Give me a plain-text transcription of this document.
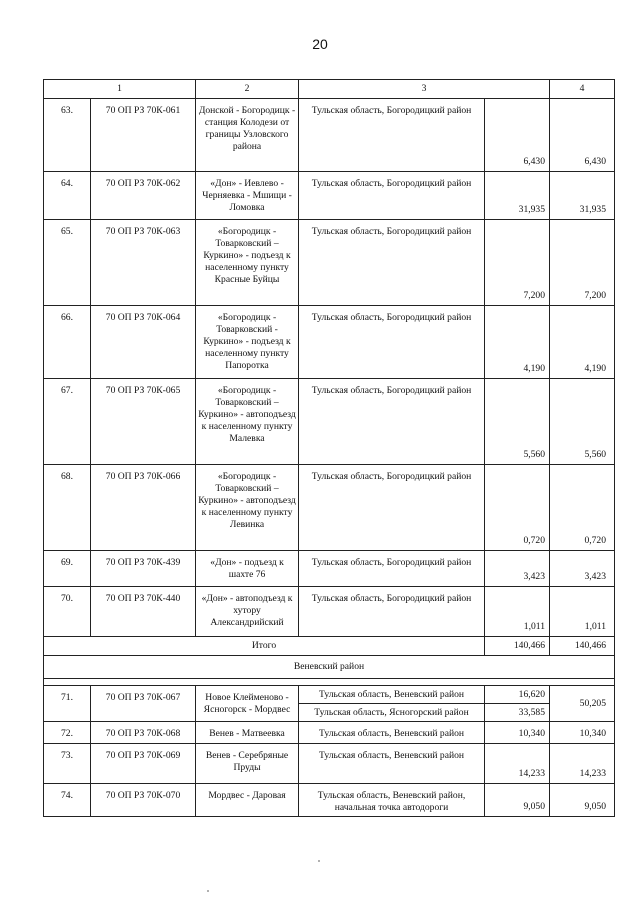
20
1		2	3		4
63.	70 ОП РЗ 70К-061	Донской - Богородицк - станция Колодези от границы Узловского района	Тульская область, Богородицкий район	6,430	6,430
64.	70 ОП РЗ 70К-062	«Дон» - Иевлево - Черняевка - Мшищи - Ломовка	Тульская область, Богородицкий район	31,935	31,935
65.	70 ОП РЗ 70К-063	«Богородицк - Товарковский – Куркино» - подъезд к населенному пункту Красные Буйцы	Тульская область, Богородицкий район	7,200	7,200
66.	70 ОП РЗ 70К-064	«Богородицк - Товарковский - Куркино» - подъезд к населенному пункту Папоротка	Тульская область, Богородицкий район	4,190	4,190
67.	70 ОП РЗ 70К-065	«Богородицк - Товарковский – Куркино» - автоподъезд к населенному пункту Малевка	Тульская область, Богородицкий район	5,560	5,560
68.	70 ОП РЗ 70К-066	«Богородицк - Товарковский – Куркино» - автоподъезд к населенному пункту Левинка	Тульская область, Богородицкий район	0,720	0,720
69.	70 ОП РЗ 70К-439	«Дон» - подъезд к шахте 76	Тульская область, Богородицкий район	3,423	3,423
70.	70 ОП РЗ 70К-440	«Дон» - автоподъезд к хутору Александрийский	Тульская область, Богородицкий район	1,011	1,011
Итого				140,466	140,466
Веневский район					

71.	70 ОП РЗ 70К-067	Новое Клейменово - Ясногорск - Мордвес	Тульская область, Веневский район	16,620	50,205
			Тульская область, Ясногорский район	33,585	
72.	70 ОП РЗ 70К-068	Венев - Матвеевка	Тульская область, Веневский район	10,340	10,340
73.	70 ОП РЗ 70К-069	Венев - Серебряные Пруды	Тульская область, Веневский район	14,233	14,233
74.	70 ОП РЗ 70К-070	Мордвес - Даровая	Тульская область, Веневский район, начальная точка автодороги	9,050	9,050
